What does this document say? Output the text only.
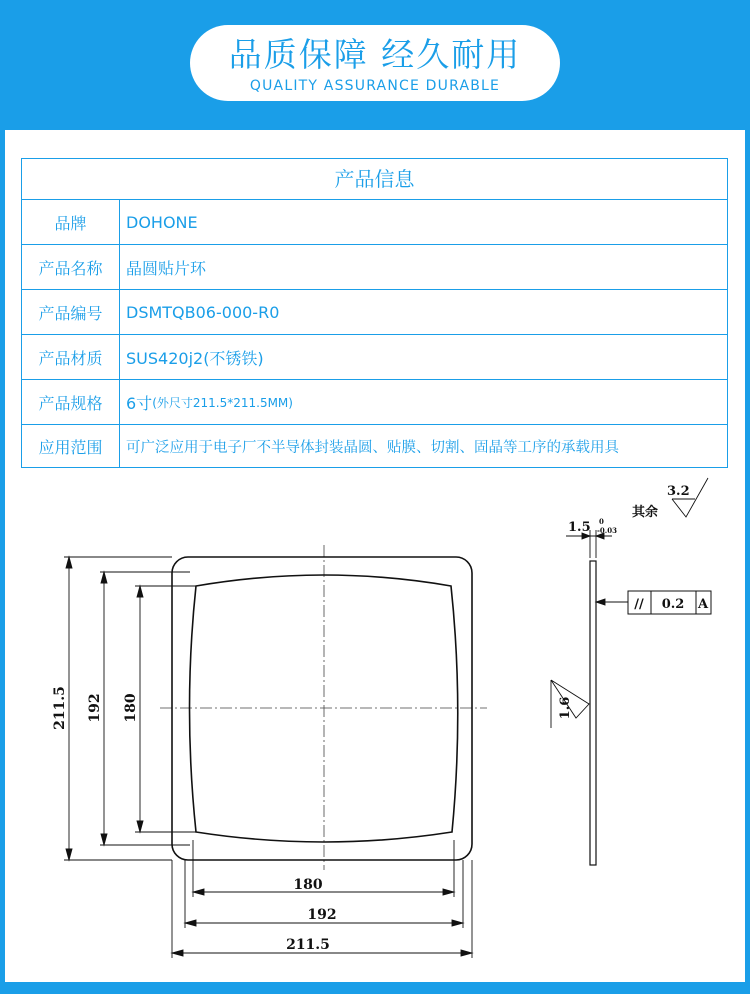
品质保障 经久耐用
QUALITY ASSURANCE DURABLE
产品信息
品牌	DOHONE
产品名称	晶圆贴片环
产品编号	DSMTQB06-000-R0
产品材质	SUS420j2(不锈铁)
产品规格	6寸 (外尺寸211.5*211.5MM)
应用范围	可广泛应用于电子厂不半导体封装晶圆、贴膜、切割、固晶等工序的承载用具
211.5 192 180
180
192
211.5
1.5 0
-0.03
// 0.2 A
1.6
3.2
其余
